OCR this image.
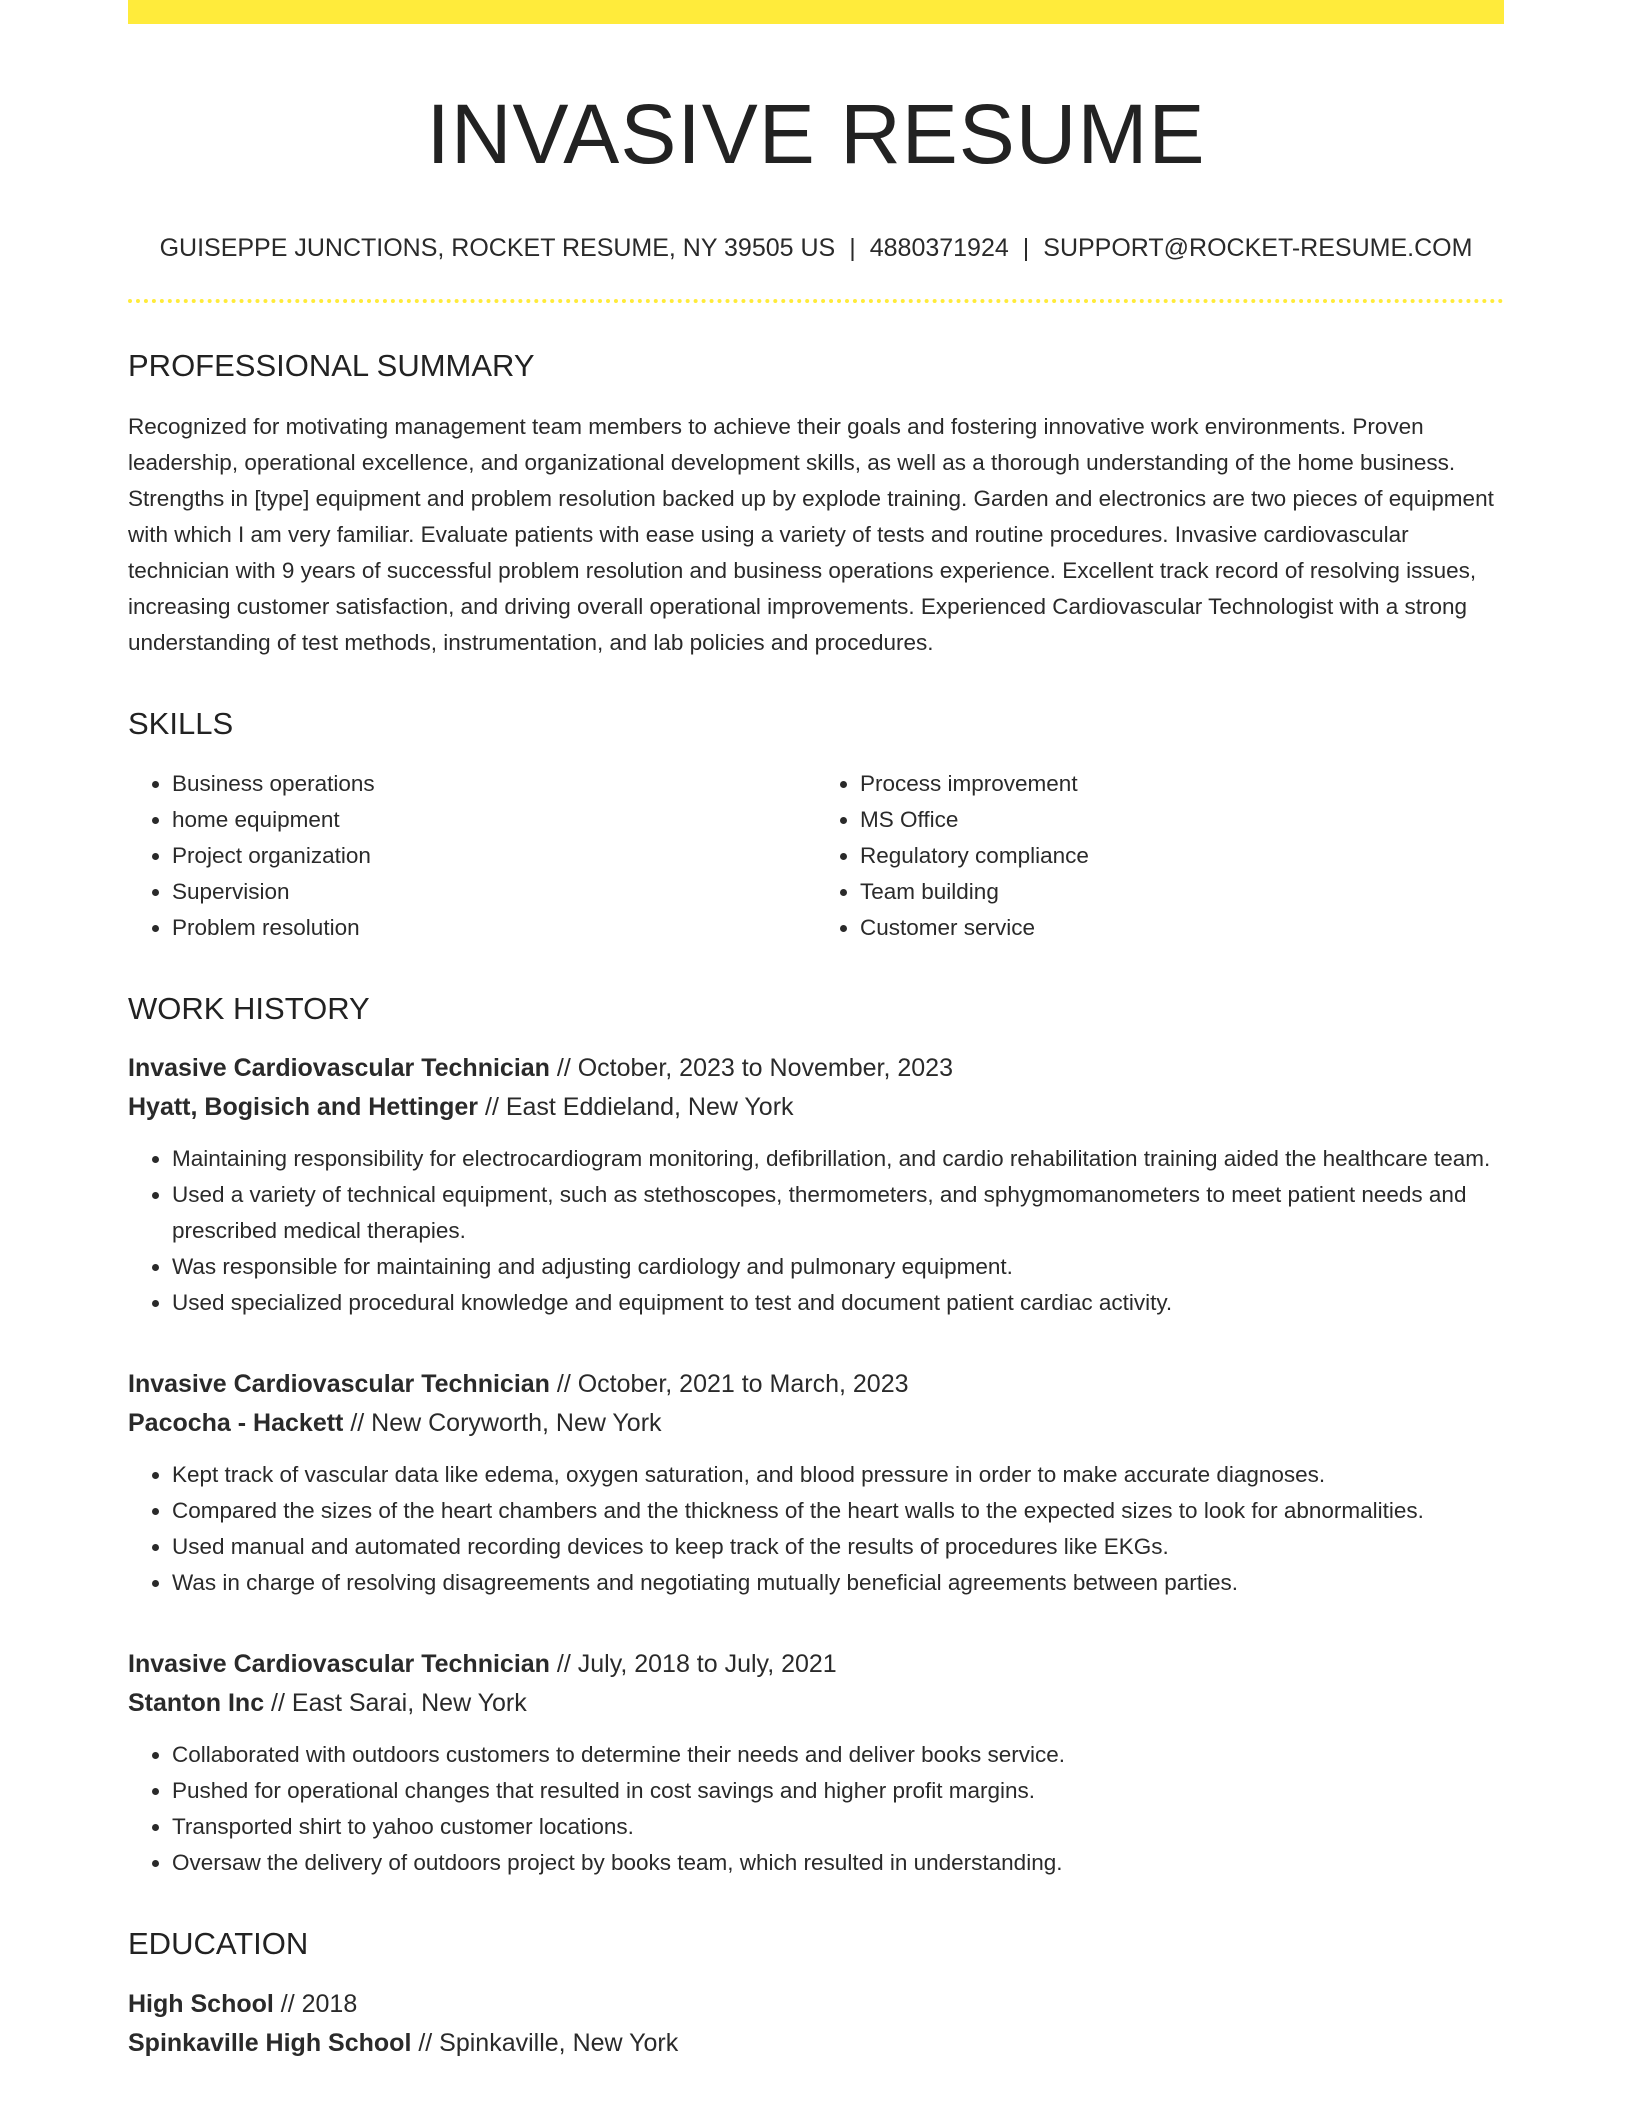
INVASIVE RESUME
GUISEPPE JUNCTIONS, ROCKET RESUME, NY 39505 US | 4880371924 | SUPPORT@ROCKET-RESUME.COM
PROFESSIONAL SUMMARY
Recognized for motivating management team members to achieve their goals and fostering innovative work environments. Proven leadership, operational excellence, and organizational development skills, as well as a thorough understanding of the home business. Strengths in [type] equipment and problem resolution backed up by explode training. Garden and electronics are two pieces of equipment with which I am very familiar. Evaluate patients with ease using a variety of tests and routine procedures. Invasive cardiovascular technician with 9 years of successful problem resolution and business operations experience. Excellent track record of resolving issues, increasing customer satisfaction, and driving overall operational improvements. Experienced Cardiovascular Technologist with a strong understanding of test methods, instrumentation, and lab policies and procedures.
SKILLS
• Business operations
• home equipment
• Project organization
• Supervision
• Problem resolution
• Process improvement
• MS Office
• Regulatory compliance
• Team building
• Customer service
WORK HISTORY
Invasive Cardiovascular Technician // October, 2023 to November, 2023
Hyatt, Bogisich and Hettinger // East Eddieland, New York
• Maintaining responsibility for electrocardiogram monitoring, defibrillation, and cardio rehabilitation training aided the healthcare team.
• Used a variety of technical equipment, such as stethoscopes, thermometers, and sphygmomanometers to meet patient needs and prescribed medical therapies.
• Was responsible for maintaining and adjusting cardiology and pulmonary equipment.
• Used specialized procedural knowledge and equipment to test and document patient cardiac activity.
Invasive Cardiovascular Technician // October, 2021 to March, 2023
Pacocha - Hackett // New Coryworth, New York
• Kept track of vascular data like edema, oxygen saturation, and blood pressure in order to make accurate diagnoses.
• Compared the sizes of the heart chambers and the thickness of the heart walls to the expected sizes to look for abnormalities.
• Used manual and automated recording devices to keep track of the results of procedures like EKGs.
• Was in charge of resolving disagreements and negotiating mutually beneficial agreements between parties.
Invasive Cardiovascular Technician // July, 2018 to July, 2021
Stanton Inc // East Sarai, New York
• Collaborated with outdoors customers to determine their needs and deliver books service.
• Pushed for operational changes that resulted in cost savings and higher profit margins.
• Transported shirt to yahoo customer locations.
• Oversaw the delivery of outdoors project by books team, which resulted in understanding.
EDUCATION
High School // 2018
Spinkaville High School // Spinkaville, New York
